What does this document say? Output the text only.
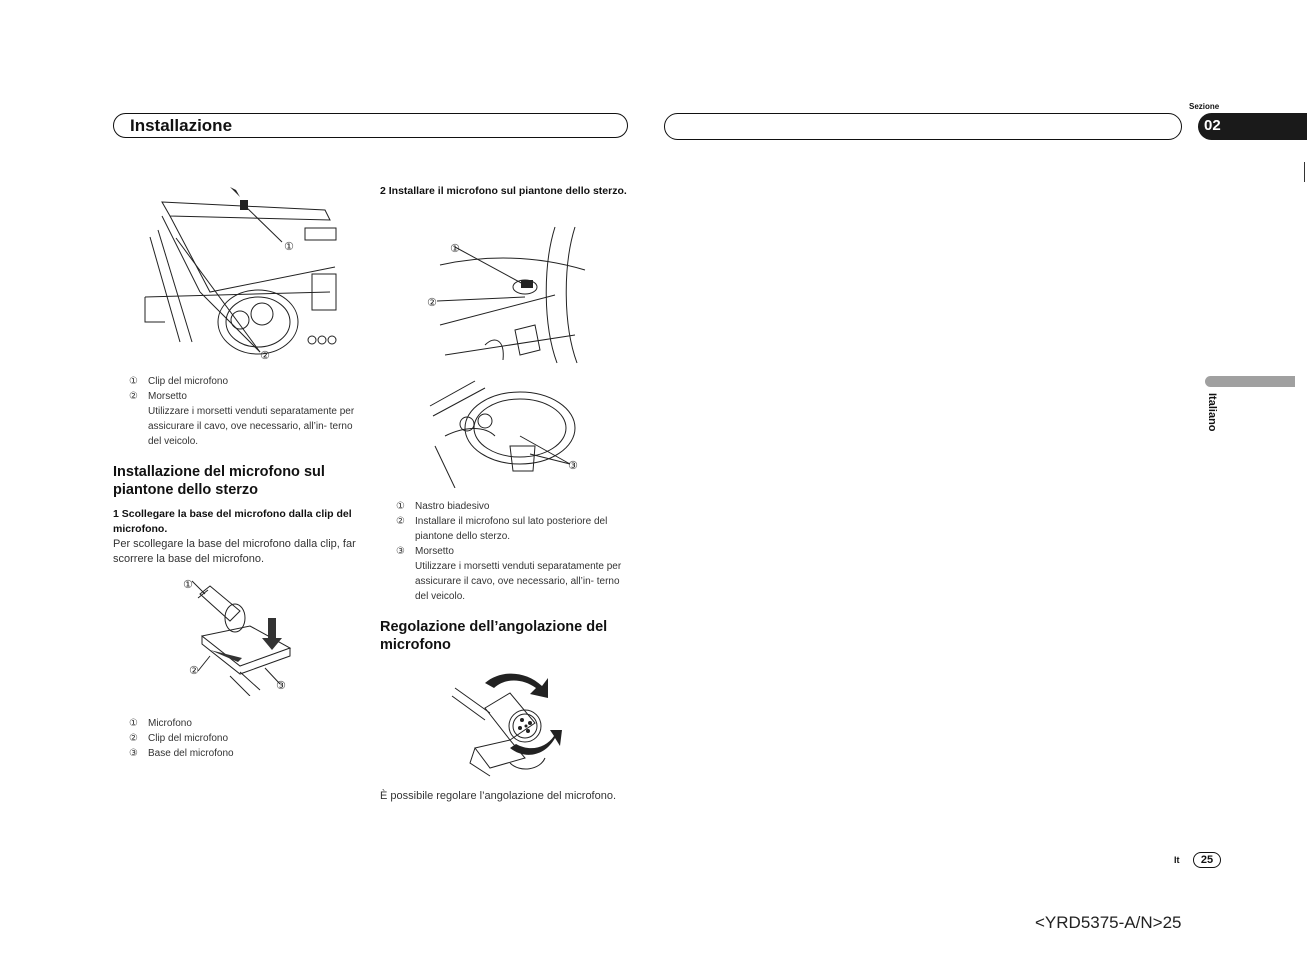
Installazione
Sezione
02
Italiano
①
②
①	Clip del microfono
②	Morsetto
Utilizzare i morsetti venduti separatamente per assicurare il cavo, ove necessario, all’in- terno del veicolo.
Installazione del microfono sul piantone dello sterzo
1 Scollegare la base del microfono dalla clip del microfono.
Per scollegare la base del microfono dalla clip, far scorrere la base del microfono.
①
②
③
①	Microfono
②	Clip del microfono
③	Base del microfono
2 Installare il microfono sul piantone dello sterzo.
①
②
③
①	Nastro biadesivo
②	Installare il microfono sul lato posteriore del piantone dello sterzo.
③	Morsetto
Utilizzare i morsetti venduti separatamente per assicurare il cavo, ove necessario, all’in- terno del veicolo.
Regolazione dell’angolazione del microfono
È possibile regolare l’angolazione del microfono.
It	25
<YRD5375-A/N>25
